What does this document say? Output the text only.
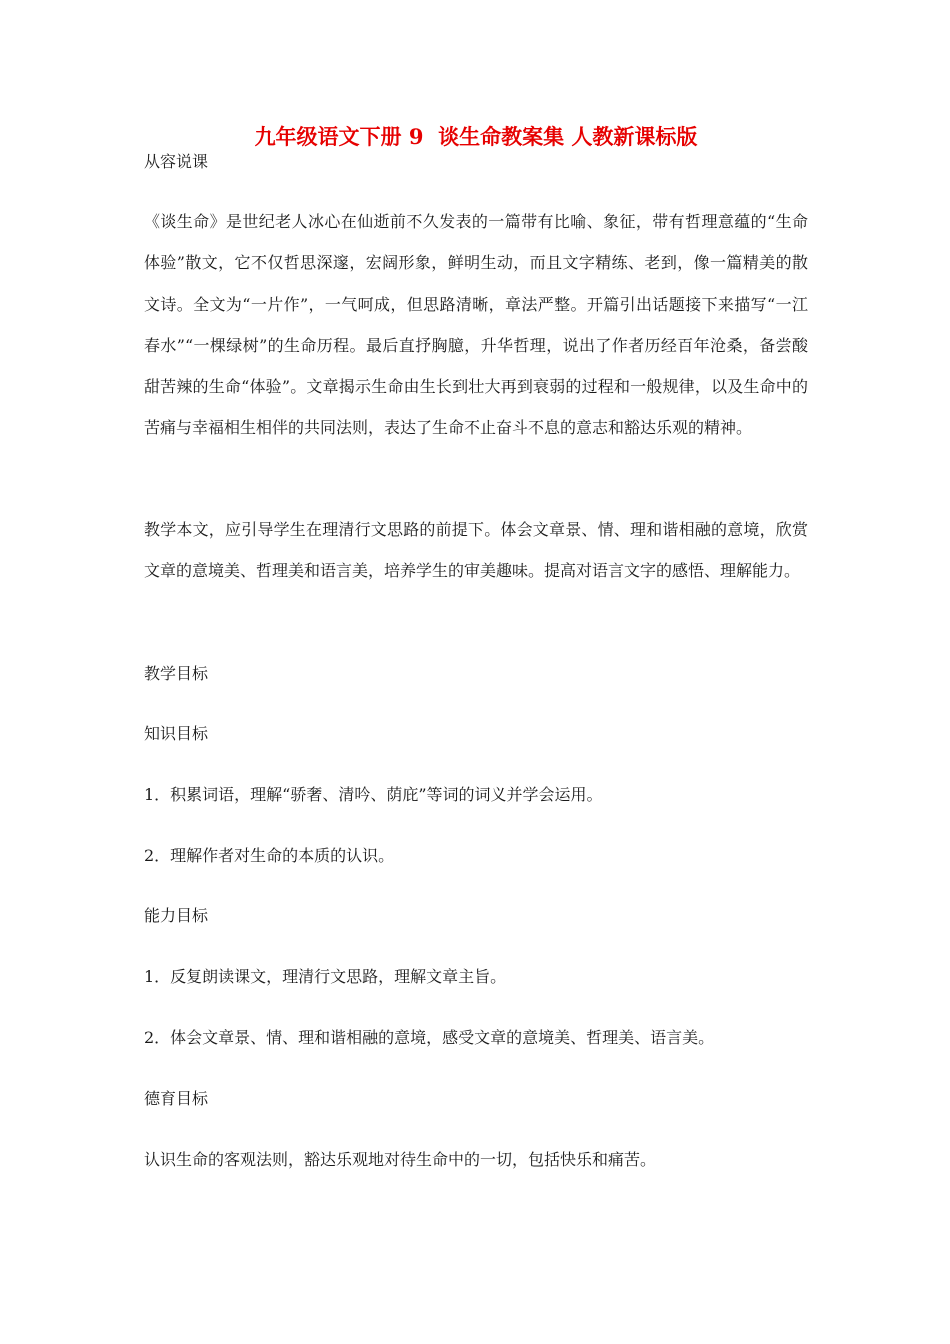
九年级语文下册 9  谈生命教案集 人教新课标版

从容说课

《谈生命》是世纪老人冰心在仙逝前不久发表的一篇带有比喻、象征，带有哲理意蕴的“生命体验”散文，它不仅哲思深邃，宏阔形象，鲜明生动，而且文字精练、老到，像一篇精美的散文诗。全文为“一片作”，一气呵成，但思路清晰，章法严整。开篇引出话题接下来描写“一江春水”“一棵绿树”的生命历程。最后直抒胸臆，升华哲理，说出了作者历经百年沧桑，备尝酸甜苦辣的生命“体验”。文章揭示生命由生长到壮大再到衰弱的过程和一般规律，以及生命中的苦痛与幸福相生相伴的共同法则，表达了生命不止奋斗不息的意志和豁达乐观的精神。

教学本文，应引导学生在理清行文思路的前提下。体会文章景、情、理和谐相融的意境，欣赏文章的意境美、哲理美和语言美，培养学生的审美趣味。提高对语言文字的感悟、理解能力。

教学目标

知识目标

1．积累词语，理解“骄奢、清吟、荫庇”等词的词义并学会运用。

2．理解作者对生命的本质的认识。

能力目标

1．反复朗读课文，理清行文思路，理解文章主旨。

2．体会文章景、情、理和谐相融的意境，感受文章的意境美、哲理美、语言美。

德育目标

认识生命的客观法则，豁达乐观地对待生命中的一切，包括快乐和痛苦。
